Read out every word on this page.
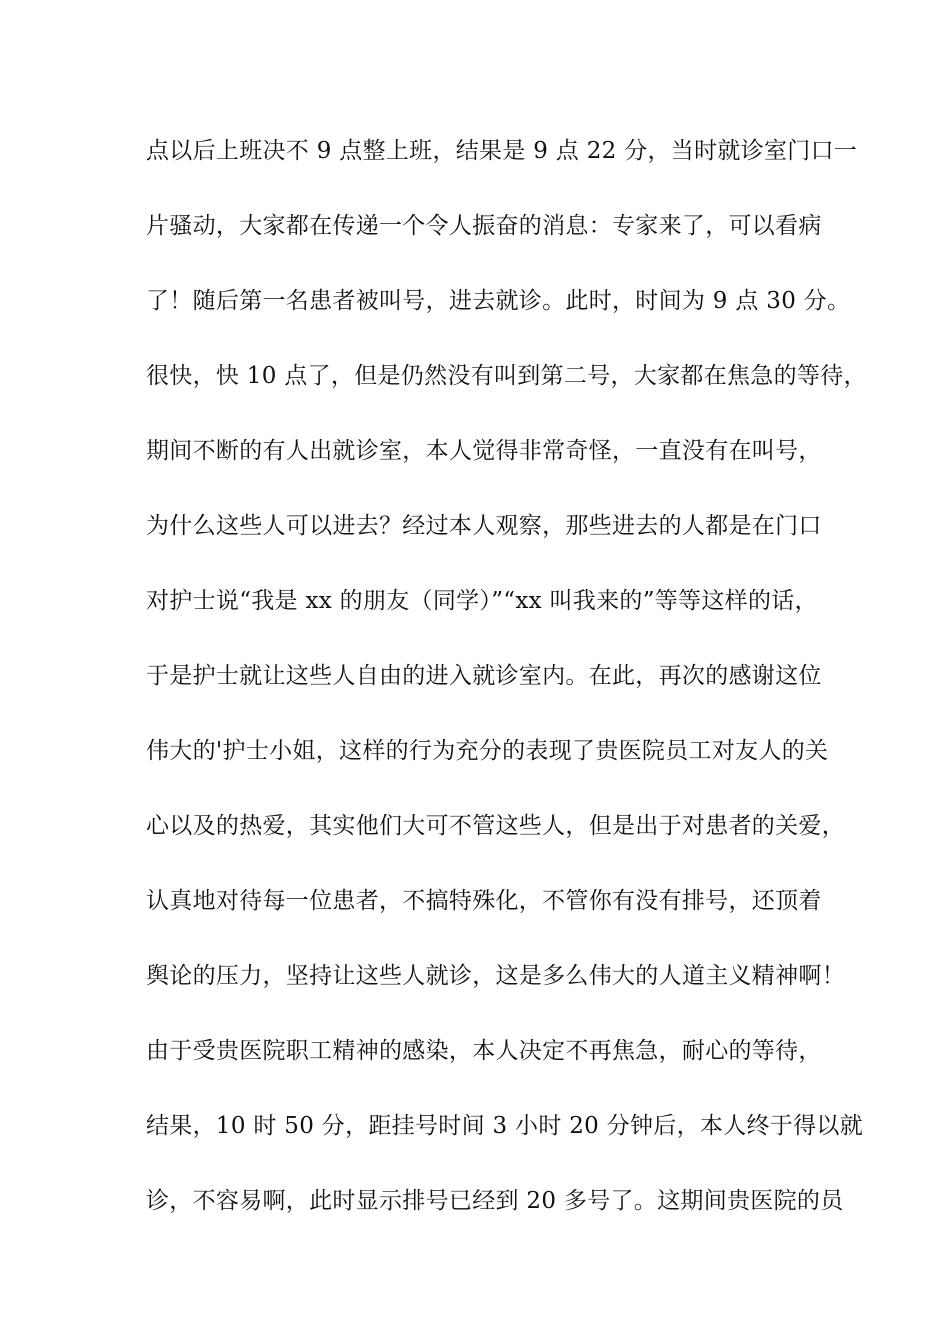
点以后上班决不 9 点整上班，结果是 9 点 22 分，当时就诊室门口一
片骚动，大家都在传递一个令人振奋的消息：专家来了，可以看病
了！随后第一名患者被叫号，进去就诊。此时，时间为 9 点 30 分。
很快，快 10 点了，但是仍然没有叫到第二号，大家都在焦急的等待，
期间不断的有人出就诊室，本人觉得非常奇怪，一直没有在叫号，
为什么这些人可以进去？经过本人观察，那些进去的人都是在门口
对护士说“我是 xx 的朋友（同学）”“xx 叫我来的”等等这样的话，
于是护士就让这些人自由的进入就诊室内。在此，再次的感谢这位
伟大的'护士小姐，这样的行为充分的表现了贵医院员工对友人的关
心以及的热爱，其实他们大可不管这些人，但是出于对患者的关爱，
认真地对待每一位患者，不搞特殊化，不管你有没有排号，还顶着
舆论的压力，坚持让这些人就诊，这是多么伟大的人道主义精神啊！
由于受贵医院职工精神的感染，本人决定不再焦急，耐心的等待，
结果，10 时 50 分，距挂号时间 3 小时 20 分钟后，本人终于得以就
诊，不容易啊，此时显示排号已经到 20 多号了。这期间贵医院的员
